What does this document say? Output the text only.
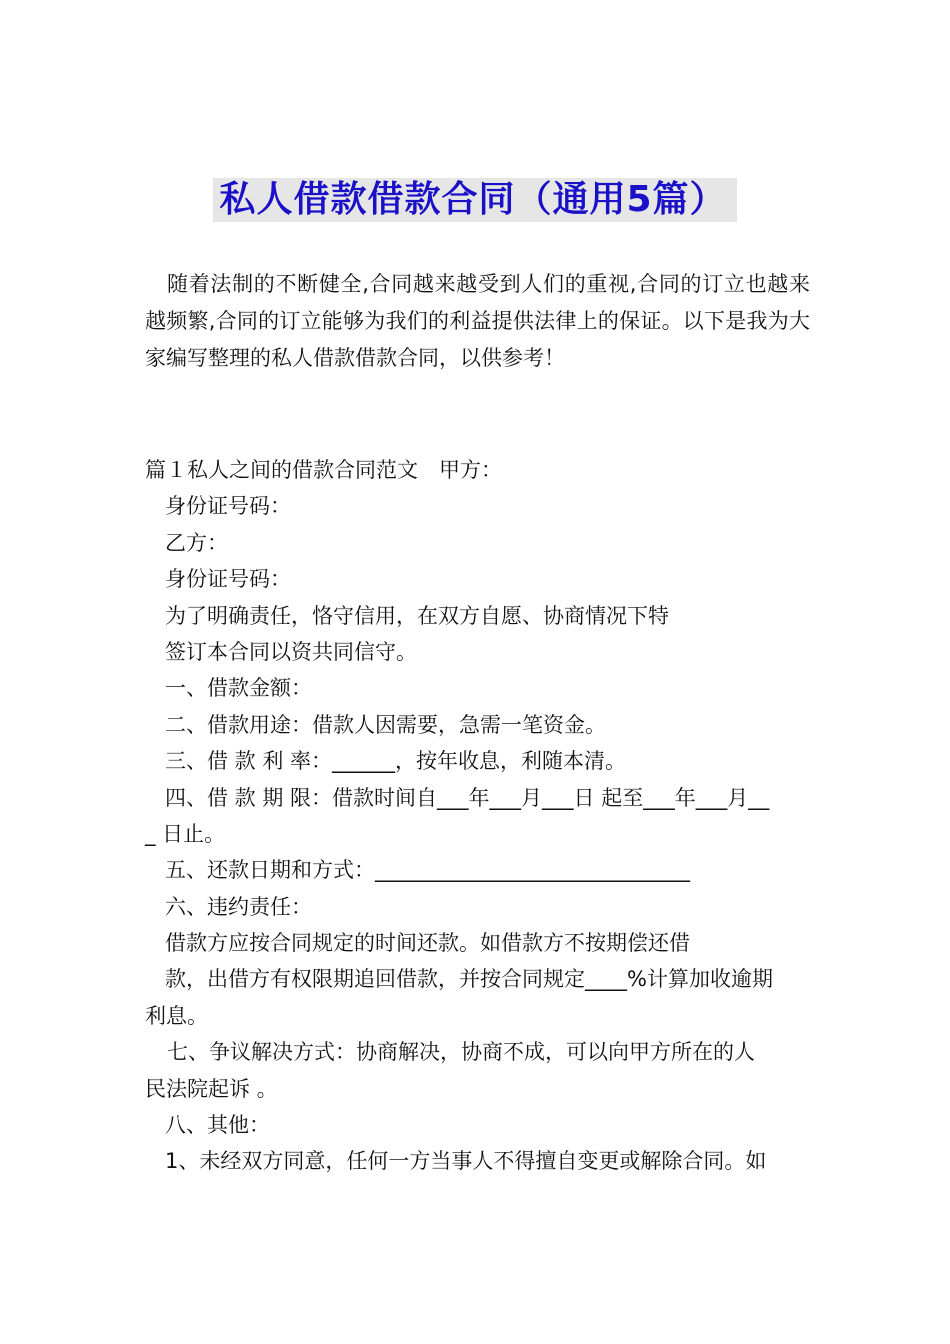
私人借款借款合同（通用5篇）
随着法制的不断健全,合同越来越受到人们的重视,合同的订立也越来越频繁,合同的订立能够为我们的利益提供法律上的保证。以下是我为大家编写整理的私人借款借款合同，以供参考！
篇１私人之间的借款合同范文　甲方：
身份证号码：
乙方：
身份证号码：
为了明确责任，恪守信用，在双方自愿、协商情况下特
签订本合同以资共同信守。
一、借款金额：
二、借款用途：借款人因需要，急需一笔资金。
三、借 款 利 率：______，按年收息，利随本清。
四、借 款 期 限：借款时间自___年___月___日 起至___年___月__
_ 日止。
五、还款日期和方式：______________________________
六、违约责任：
借款方应按合同规定的时间还款。如借款方不按期偿还借
款，出借方有权限期追回借款，并按合同规定____%计算加收逾期
利息。
七、争议解决方式：协商解决，协商不成，可以向甲方所在的人
民法院起诉 。
八、其他：
1、未经双方同意，任何一方当事人不得擅自变更或解除合同。如
